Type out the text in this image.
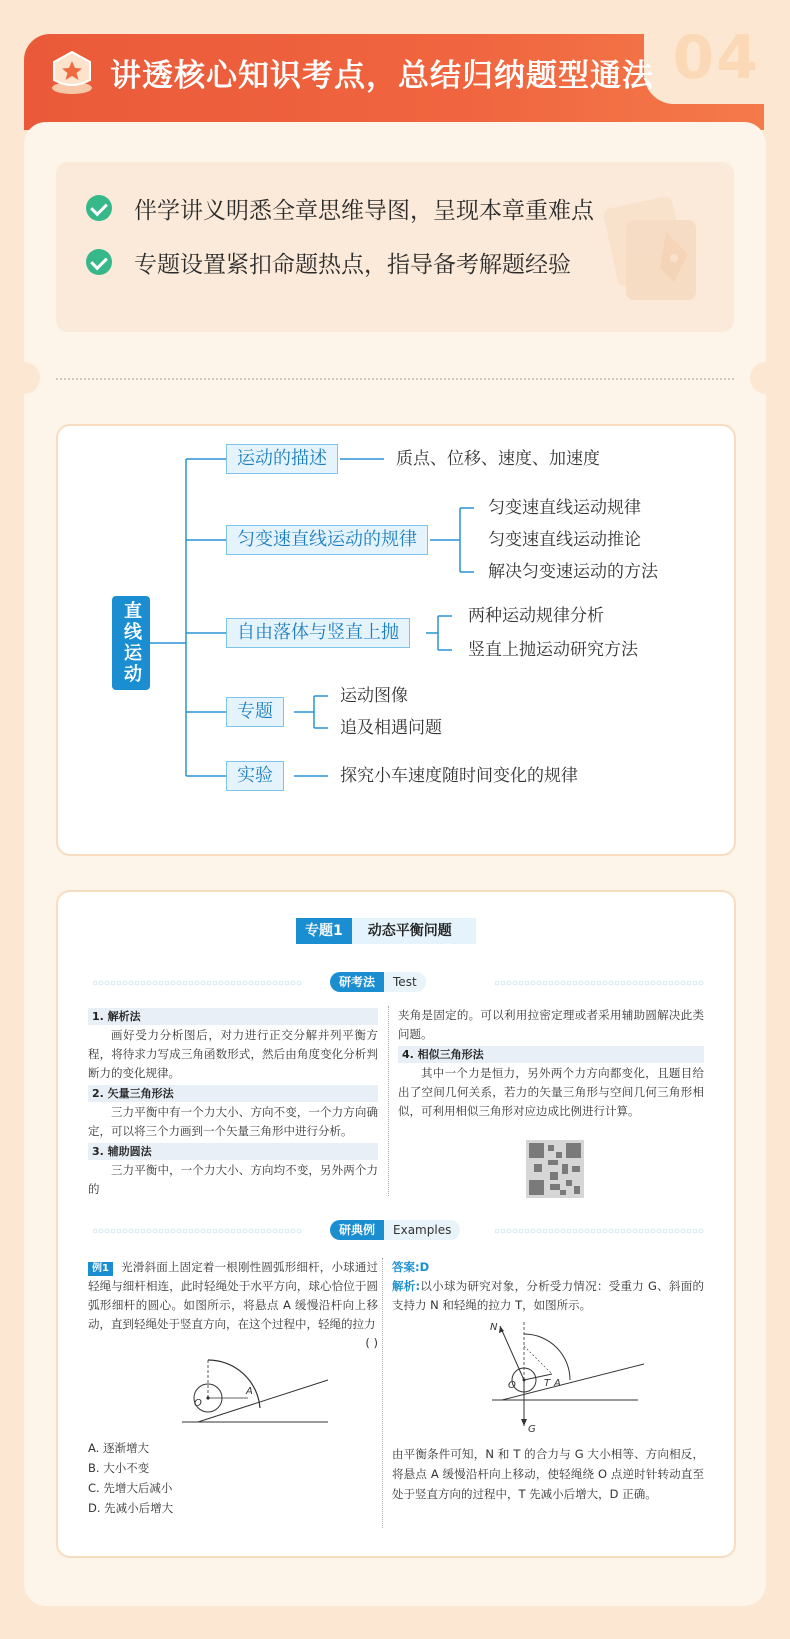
04
讲透核心知识考点，总结归纳题型通法
伴学讲义明悉全章思维导图，呈现本章重难点
专题设置紧扣命题热点，指导备考解题经验
直线运动
运动的描述	质点、位移、速度、加速度
匀变速直线运动的规律
匀变速直线运动规律
匀变速直线运动推论
解决匀变速运动的方法
自由落体与竖直上抛
两种运动规律分析
竖直上抛运动研究方法
专题
运动图像
追及相遇问题
实验	探究小车速度随时间变化的规律
专题1	动态平衡问题
研考法	Test
1. 解析法

画好受力分析图后，对力进行正交分解并列平衡方程，将待求力写成三角函数形式，然后由角度变化分析判断力的变化规律。

2. 矢量三角形法

三力平衡中有一个力大小、方向不变，一个力方向确定，可以将三个力画到一个矢量三角形中进行分析。

3. 辅助圆法

三力平衡中，一个力大小、方向均不变，另外两个力的

夹角是固定的。可以利用拉密定理或者采用辅助圆解决此类问题。

4. 相似三角形法

其中一个力是恒力，另外两个力方向都变化，且题目给出了空间几何关系，若力的矢量三角形与空间几何三角形相似，可利用相似三角形对应边成比例进行计算。

研典例	Examples
例1 光滑斜面上固定着一根刚性圆弧形细杆，小球通过轻绳与细杆相连，此时轻绳处于水平方向，球心恰位于圆弧形细杆的圆心。如图所示，将悬点 A 缓慢沿杆向上移动，直到轻绳处于竖直方向，在这个过程中，轻绳的拉力
( )
O
A
A. 逐渐增大
B. 大小不变
C. 先增大后减小
D. 先减小后增大
答案:D
解析:以小球为研究对象，分析受力情况：受重力 G、斜面的支持力 N 和轻绳的拉力 T，如图所示。
N
O	T A
G
由平衡条件可知，N 和 T 的合力与 G 大小相等、方向相反，将悬点 A 缓慢沿杆向上移动，使轻绳绕 O 点逆时针转动直至处于竖直方向的过程中，T 先减小后增大，D 正确。
